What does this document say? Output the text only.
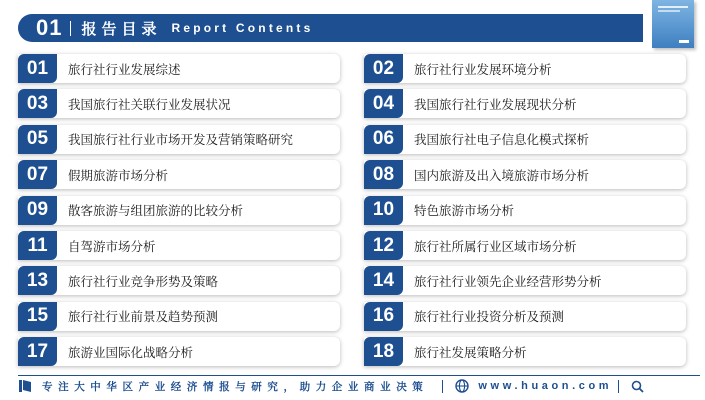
01 报告目录 Report Contents
01	旅行社行业发展综述	02	旅行社行业发展环境分析
03	我国旅行社关联行业发展状况	04	我国旅行社行业发展现状分析
05	我国旅行社行业市场开发及营销策略研究	06	我国旅行社电子信息化模式探析
07	假期旅游市场分析	08	国内旅游及出入境旅游市场分析
09	散客旅游与组团旅游的比较分析	10	特色旅游市场分析
11	自驾游市场分析	12	旅行社所属行业区域市场分析
13	旅行社行业竞争形势及策略	14	旅行社行业领先企业经营形势分析
15	旅行社行业前景及趋势预测	16	旅行社行业投资分析及预测
17	旅游业国际化战略分析	18	旅行社发展策略分析
专注大中华区产业经济情报与研究，助力企业商业决策	www.huaon.com
